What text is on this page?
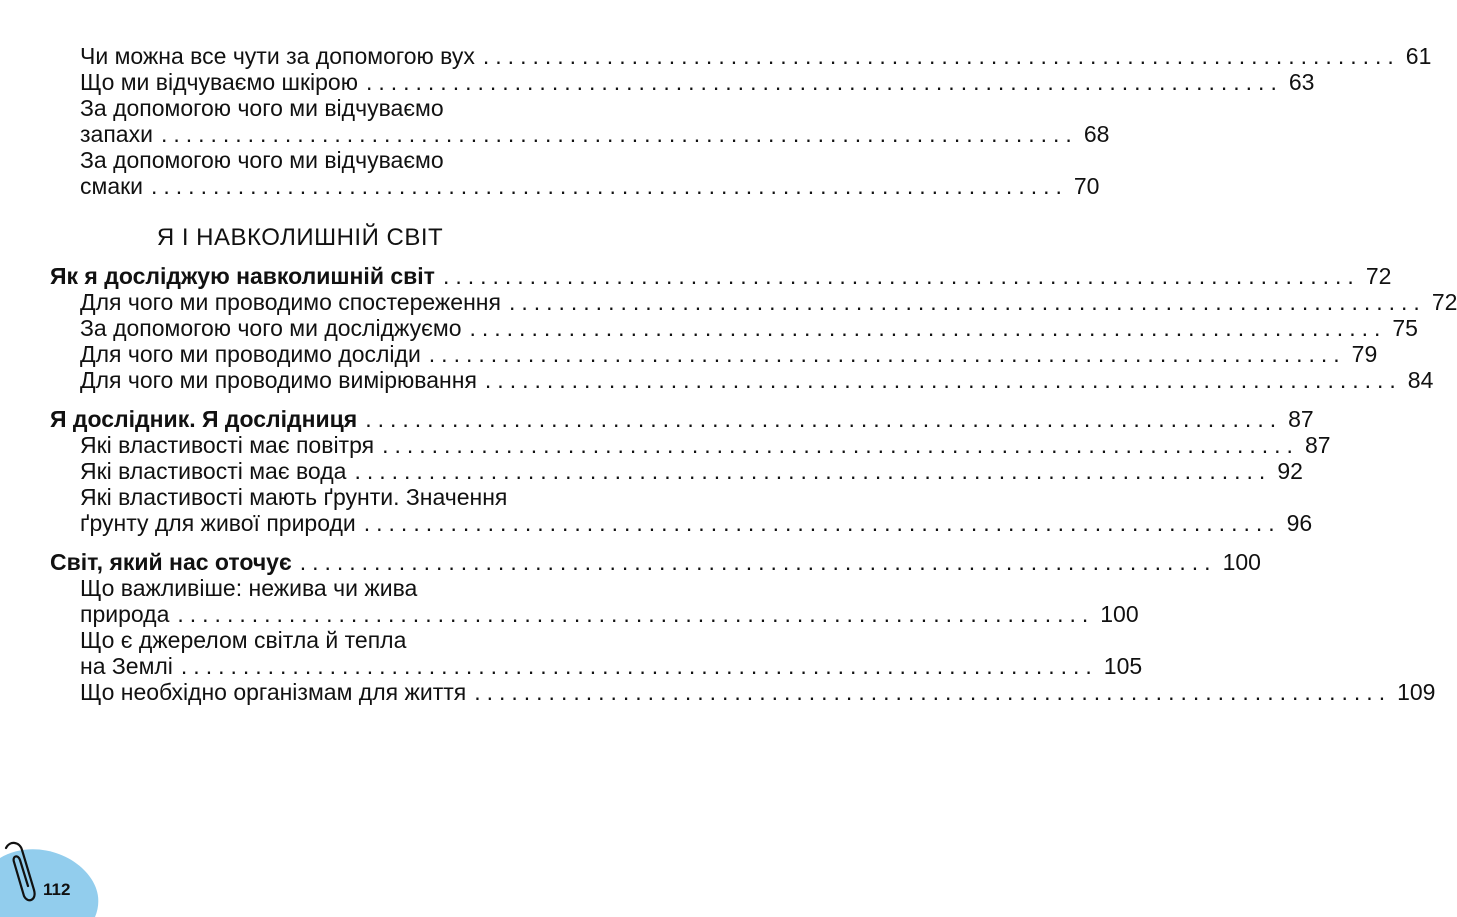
Чи можна все чути за допомогою вух .......................................................................... 61
Що ми відчуваємо шкірою .......................................................................... 63
За допомогою чого ми відчуваємо
запахи .......................................................................... 68
За допомогою чого ми відчуваємо
смаки .......................................................................... 70
Я І НАВКОЛИШНІЙ СВІТ
Як я досліджую навколишній світ .......................................................................... 72
Для чого ми проводимо спостереження .......................................................................... 72
За допомогою чого ми досліджуємо .......................................................................... 75
Для чого ми проводимо досліди .......................................................................... 79
Для чого ми проводимо вимірювання .......................................................................... 84
Я дослідник. Я дослідниця .......................................................................... 87
Які властивості має повітря .......................................................................... 87
Які властивості має вода .......................................................................... 92
Які властивості мають ґрунти. Значення
ґрунту для живої природи .......................................................................... 96
Світ, який нас оточує .......................................................................... 100
Що важливіше: нежива чи жива
природа .......................................................................... 100
Що є джерелом світла й тепла
на Землі .......................................................................... 105
Що необхідно організмам для життя .......................................................................... 109
112
